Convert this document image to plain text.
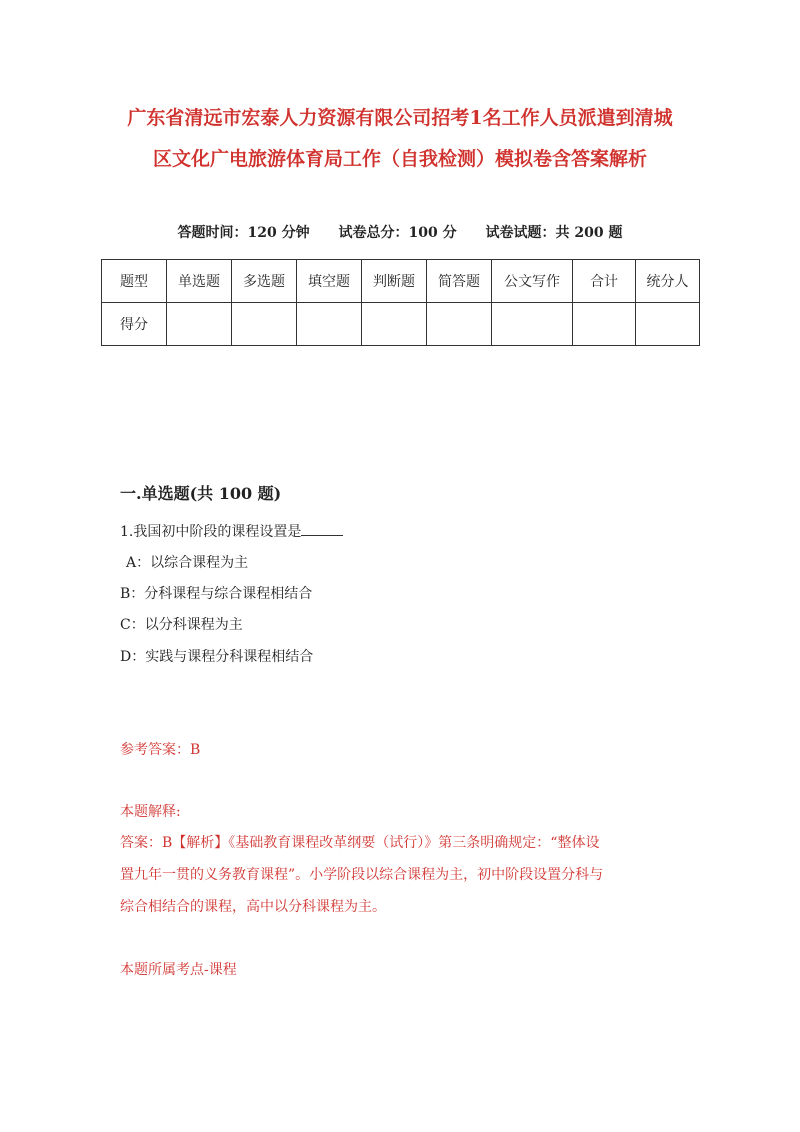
广东省清远市宏泰人力资源有限公司招考1名工作人员派遣到清城
区文化广电旅游体育局工作（自我检测）模拟卷含答案解析
答题时间：120 分钟 试卷总分：100 分 试卷试题：共 200 题
题型	单选题	多选题	填空题	判断题	简答题	公文写作	合计	统分人
得分								
一.单选题(共 100 题)
1.我国初中阶段的课程设置是
A：以综合课程为主
B：分科课程与综合课程相结合
C：以分科课程为主
D：实践与课程分科课程相结合
参考答案：B
本题解释:
答案：B【解析】《基础教育课程改革纲要（试行）》第三条明确规定：“整体设
置九年一贯的义务教育课程”。小学阶段以综合课程为主，初中阶段设置分科与
综合相结合的课程，高中以分科课程为主。
本题所属考点-课程
